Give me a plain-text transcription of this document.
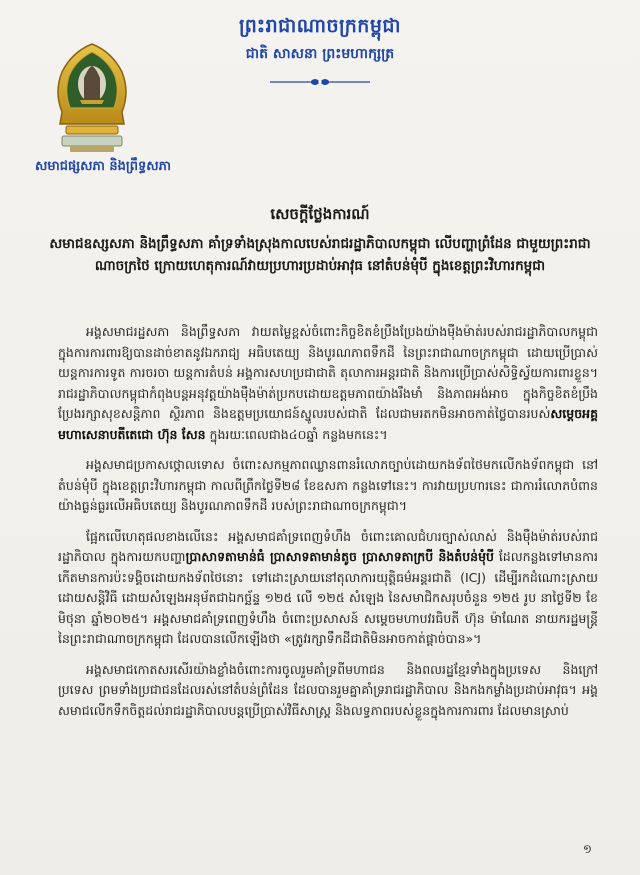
ព្រះរាជាណាចក្រកម្ពុជា
ជាតិ សាសនា ព្រះមហាក្សត្រ
សមាជផ្សសភា និងព្រឹទ្ធសភា
សេចក្ដីថ្លែងការណ៍
សមាជឧស្សសភា និងព្រឹទ្ធសភា គាំទ្រទាំងស្រុងកាលបេស់រាជរដ្ឋាភិបាលកម្ពុជា លើបញ្ហាព្រំដែន ជាមួយព្រះរាជាណាចក្រថៃ ក្រោយហេតុការណ៍វាយប្រហារប្រដាប់អាវុធ នៅតំបន់មុំបី ក្នុងខេត្តព្រះវិហារកម្ពុជា

អង្គសមាជរដ្ឋសភា និងព្រឹទ្ធសភា វាយតម្លៃខ្ពស់ចំពោះកិច្ចខិតខំប្រឹងប្រែងយ៉ាងម៉ឺងម៉ាត់របស់រាជរដ្ឋាភិបាលកម្ពុជា ក្នុងការការពារឱ្យបានដាច់ខាតនូវឯករាជ្យ អធិបតេយ្យ និងបូរណភាពទឹកដី នៃព្រះរាជាណាចក្រកម្ពុជា ដោយប្រើប្រាស់យន្តការការទូត ការចរចា យន្តការតំបន់ អង្គការសហប្រជាជាតិ តុលាការអន្តរជាតិ និងការប្រើប្រាស់សិទ្ធិស្វ័យការពារខ្លួន។ រាជរដ្ឋាភិបាលកម្ពុជាកំពុងបន្តអនុវត្តយ៉ាងម៉ឺងម៉ាត់ប្រកបដោយឧត្តមភាពយ៉ាងរឹងមាំ និងភាពអង់អាច ក្នុងកិច្ចខិតខំប្រឹងប្រែងរក្សាសុខសន្តិភាព ស្ថិរភាព និងឧត្តមប្រយោជន៍ស្នូលរបស់ជាតិ ដែលជាមរតកមិនអាចកាត់ថ្លៃបានរបស់សម្តេចអគ្គមហាសេនាបតីតេជោ ហ៊ុន សែន ក្នុងរយៈពេលជាង៤០ឆ្នាំ កន្លងមកនេះ។

អង្គសមាជប្រកាសថ្កោលទោស ចំពោះសកម្មភាពឈ្លានពានរំលោភច្បាប់ដោយកងទ័ពថៃមកលើកងទ័ពកម្ពុជា នៅតំបន់មុំបី ក្នុងខេត្តព្រះវិហារកម្ពុជា កាលពីព្រឹកថ្ងៃទី២៨ ខែឧសភា កន្លងទៅនេះ។ ការវាយប្រហារនេះ ជាការរំលោភបំពានយ៉ាងធ្ងន់ធ្ងរលើអធិបតេយ្យ និងបូរណភាពទឹកដី របស់ព្រះរាជាណាចក្រកម្ពុជា។

ផ្អែកលើហេតុផលខាងលើនេះ អង្គសមាជគាំទ្រពេញទំហឹង ចំពោះគោលជំហរច្បាស់លាស់ និងម៉ឺងម៉ាត់របស់រាជរដ្ឋាភិបាល ក្នុងការយកបញ្ហាប្រាសាទតាមាន់ធំ ប្រាសាទតាមាន់តូច ប្រាសាទតាក្របី និងតំបន់មុំបី ដែលកន្លងទៅមានការកើតមានការប៉ះទង្គិចដោយកងទ័ពថៃនោះ ទៅដោះស្រាយនៅតុលាការយុត្តិធម៌អន្តរជាតិ (ICJ) ដើម្បីរកដំណោះស្រាយដោយសន្តិវិធី ដោយសំឡេងអនុម័តជាឯកច្ឆ័ន្ទ ១២៥ លើ ១២៥ សំឡេង នៃសមាជិកសរុបចំនួន ១២៥ រូប នាថ្ងៃទី២ ខែមិថុនា ឆ្នាំ២០២៥។ អង្គសមាជគាំទ្រពេញទំហឹង ចំពោះប្រសាសន៍ សម្តេចមហាបវរធិបតី ហ៊ុន ម៉ាណែត នាយករដ្ឋមន្ត្រី នៃព្រះរាជាណាចក្រកម្ពុជា ដែលបានលើកឡើងថា «ត្រូវរក្សាទឹកដីជាតិមិនអាចកាត់ផ្ដាច់បាន»។

អង្គសមាជកោតសរសើរយ៉ាងខ្លាំងចំពោះការចូលរួមគាំទ្រពីមហាជន និងពលរដ្ឋខ្មែរទាំងក្នុងប្រទេស និងក្រៅប្រទេស ព្រមទាំងប្រជាជនដែលរស់នៅតំបន់ព្រំដែន ដែលបានរួមគ្នាគាំទ្ររាជរដ្ឋាភិបាល និងកងកម្លាំងប្រដាប់អាវុធ។ អង្គសមាជលើកទឹកចិត្តដល់រាជរដ្ឋាភិបាលបន្តប្រើប្រាស់វិធីសាស្ត្រ និងលទ្ធភាពរបស់ខ្លួនក្នុងការការពារ ដែលមានស្រាប់

១
